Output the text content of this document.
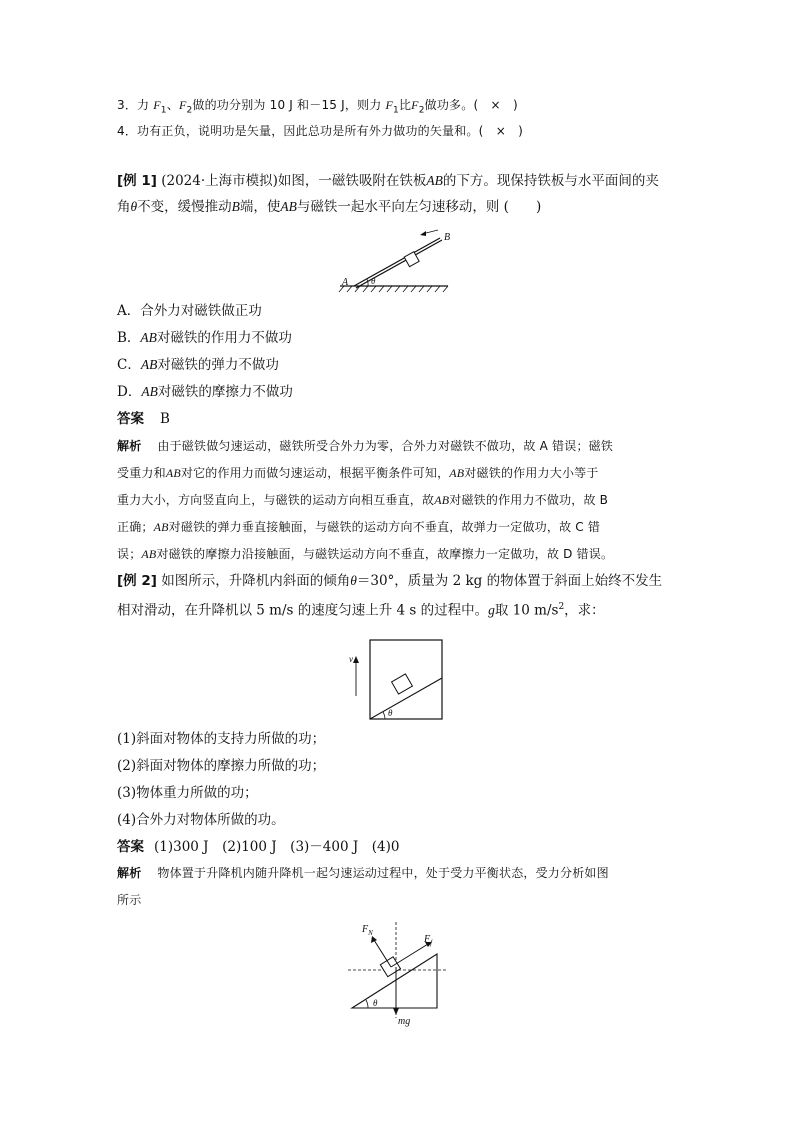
3．力 $F_1$、$F_2$做的功分别为 10 J 和－15 J，则力 $F_1$比$F_2$做功多。(　×　)
4．功有正负，说明功是矢量，因此总功是所有外力做功的矢量和。(　×　)
[例 1] (2024·上海市模拟)如图，一磁铁吸附在铁板AB的下方。现保持铁板与水平面间的夹
角θ不变，缓慢推动B端，使AB与磁铁一起水平向左匀速移动，则 (　　)
A
B
θ
A．合外力对磁铁做正功
B．AB对磁铁的作用力不做功
C．AB对磁铁的弹力不做功
D．AB对磁铁的摩擦力不做功
答案 B
解析 由于磁铁做匀速运动，磁铁所受合外力为零，合外力对磁铁不做功，故 A 错误；磁铁
受重力和AB对它的作用力而做匀速运动，根据平衡条件可知，AB对磁铁的作用力大小等于
重力大小，方向竖直向上，与磁铁的运动方向相互垂直，故AB对磁铁的作用力不做功，故 B
正确；AB对磁铁的弹力垂直接触面，与磁铁的运动方向不垂直，故弹力一定做功，故 C 错
误；AB对磁铁的摩擦力沿接触面，与磁铁运动方向不垂直，故摩擦力一定做功，故 D 错误。
[例 2] 如图所示，升降机内斜面的倾角θ＝30°，质量为 2 kg 的物体置于斜面上始终不发生
相对滑动，在升降机以 5 m/s 的速度匀速上升 4 s 的过程中。g取 10 $m/s^2$，求：
v
θ
(1)斜面对物体的支持力所做的功；
(2)斜面对物体的摩擦力所做的功；
(3)物体重力所做的功；
(4)合外力对物体所做的功。
答案 (1)300 J　(2)100 J　(3)－400 J　(4)0
解析 物体置于升降机内随升降机一起匀速运动过程中，处于受力平衡状态，受力分析如图
所示
$F_N$
$F_f$
θ
mg
